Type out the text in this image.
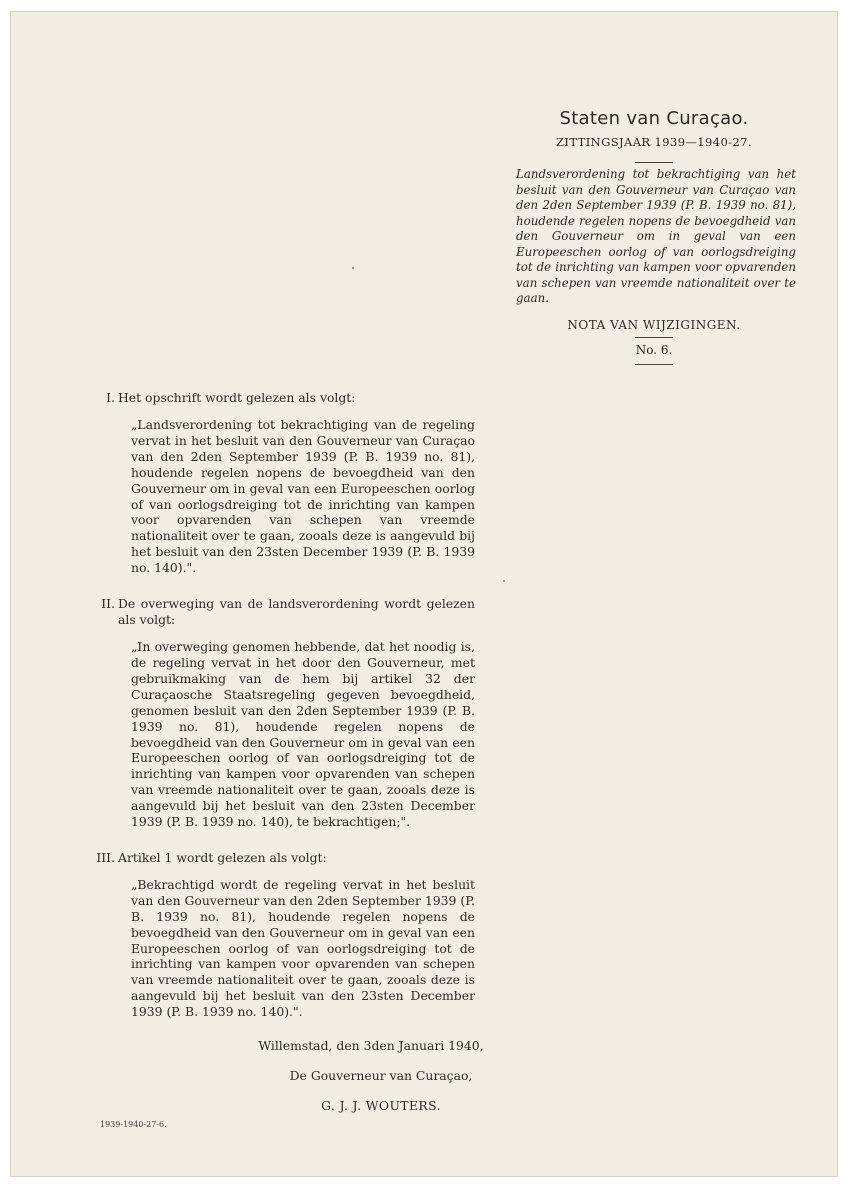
Staten van Curaçao.
ZITTINGSJAAR 1939—1940-27.
Landsverordening tot bekrachtiging van het besluit van den Gouverneur van Curaçao van den 2den September 1939 (P. B. 1939 no. 81), houdende regelen nopens de bevoegdheid van den Gouverneur om in geval van een Europeeschen oorlog of van oorlogsdreiging tot de inrichting van kampen voor opvarenden van schepen van vreemde nationaliteit over te gaan.
NOTA VAN WIJZIGINGEN.
No. 6.
I. Het opschrift wordt gelezen als volgt:
„Landsverordening tot bekrachtiging van de regeling vervat in het besluit van den Gouverneur van Curaçao van den 2den September 1939 (P. B. 1939 no. 81), houdende regelen nopens de bevoegdheid van den Gouverneur om in geval van een Europeeschen oorlog of van oorlogsdreiging tot de inrichting van kampen voor opvarenden van schepen van vreemde nationaliteit over te gaan, zooals deze is aangevuld bij het besluit van den 23sten December 1939 (P. B. 1939 no. 140).".
II. De overweging van de landsverordening wordt gelezen als volgt:
„In overweging genomen hebbende, dat het noodig is, de regeling vervat in het door den Gouverneur, met gebruikmaking van de hem bij artikel 32 der Curaçaosche Staatsregeling gegeven bevoegdheid, genomen besluit van den 2den September 1939 (P. B. 1939 no. 81), houdende regelen nopens de bevoegdheid van den Gouverneur om in geval van een Europeeschen oorlog of van oorlogsdreiging tot de inrichting van kampen voor opvarenden van schepen van vreemde nationaliteit over te gaan, zooals deze is aangevuld bij het besluit van den 23sten December 1939 (P. B. 1939 no. 140), te bekrachtigen;".
III. Artikel 1 wordt gelezen als volgt:
„Bekrachtigd wordt de regeling vervat in het besluit van den Gouverneur van den 2den September 1939 (P. B. 1939 no. 81), houdende regelen nopens de bevoegdheid van den Gouverneur om in geval van een Europeeschen oorlog of van oorlogsdreiging tot de inrichting van kampen voor opvarenden van schepen van vreemde nationaliteit over te gaan, zooals deze is aangevuld bij het besluit van den 23sten December 1939 (P. B. 1939 no. 140).".
Willemstad, den 3den Januari 1940,
De Gouverneur van Curaçao,
G. J. J. WOUTERS.
1939-1940-27-6.
